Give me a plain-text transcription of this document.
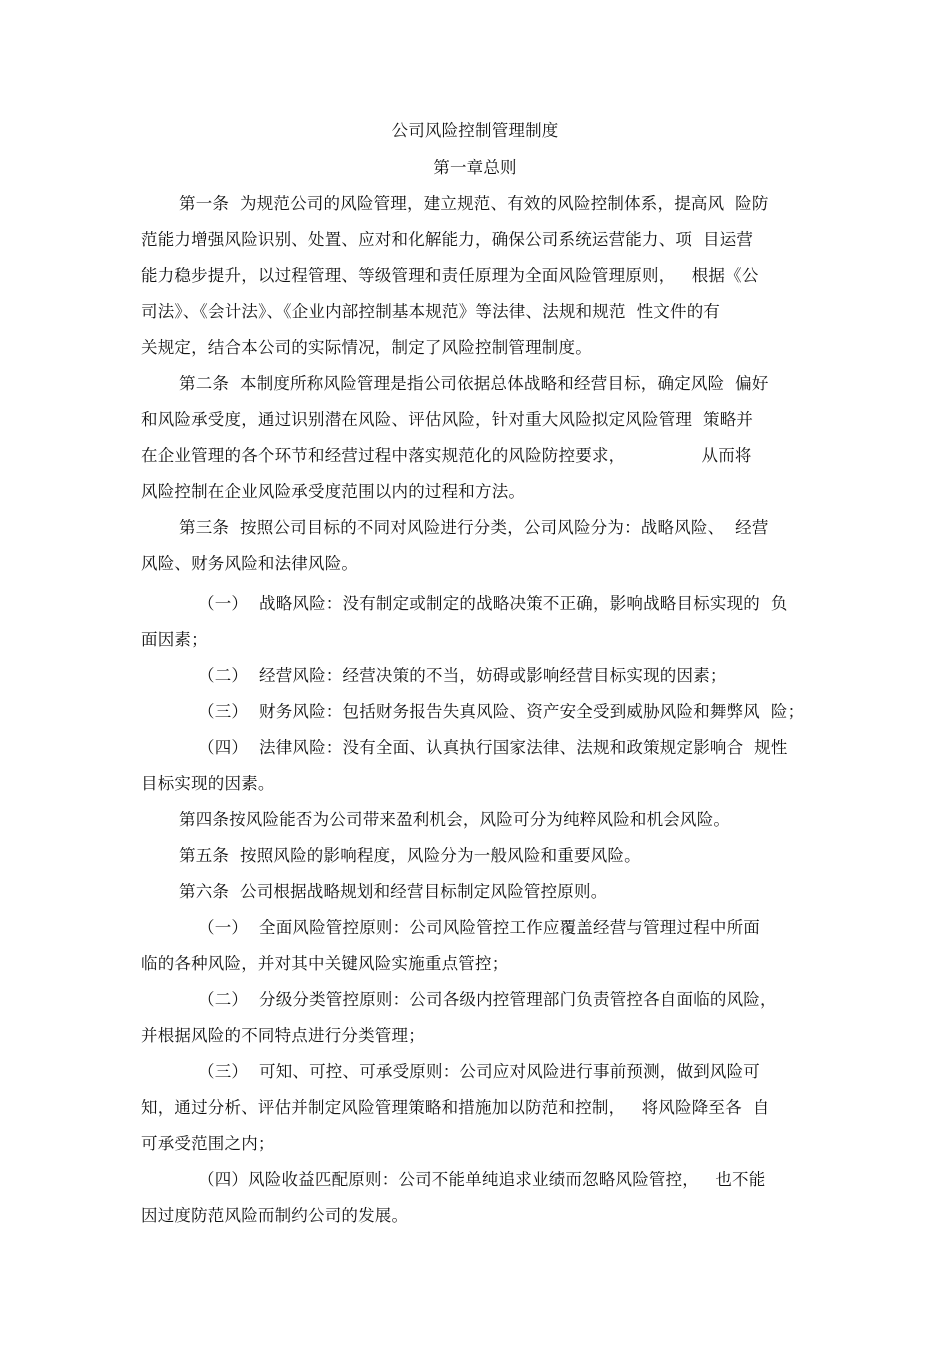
公司风险控制管理制度
第一章总则
第一条  为规范公司的风险管理，建立规范、有效的风险控制体系，提高风  险防
范能力增强风险识别、处置、应对和化解能力，确保公司系统运营能力、项  目运营
能力稳步提升，以过程管理、等级管理和责任原理为全面风险管理原则，   根据《公
司法》、《会计法》、《企业内部控制基本规范》等法律、法规和规范  性文件的有
关规定，结合本公司的实际情况，制定了风险控制管理制度。
第二条  本制度所称风险管理是指公司依据总体战略和经营目标，确定风险  偏好
和风险承受度，通过识别潜在风险、评估风险，针对重大风险拟定风险管理  策略并
在企业管理的各个环节和经营过程中落实规范化的风险防控要求，              从而将
风险控制在企业风险承受度范围以内的过程和方法。
第三条  按照公司目标的不同对风险进行分类，公司风险分为：战略风险、  经营
风险、财务风险和法律风险。
（一）  战略风险：没有制定或制定的战略决策不正确，影响战略目标实现的  负
面因素；
（二）  经营风险：经营决策的不当，妨碍或影响经营目标实现的因素；
（三）  财务风险：包括财务报告失真风险、资产安全受到威胁风险和舞弊风  险；
（四）  法律风险：没有全面、认真执行国家法律、法规和政策规定影响合  规性
目标实现的因素。
第四条按风险能否为公司带来盈利机会，风险可分为纯粹风险和机会风险。
第五条  按照风险的影响程度，风险分为一般风险和重要风险。
第六条  公司根据战略规划和经营目标制定风险管控原则。
（一）  全面风险管控原则：公司风险管控工作应覆盖经营与管理过程中所面
临的各种风险，并对其中关键风险实施重点管控；
（二）  分级分类管控原则：公司各级内控管理部门负责管控各自面临的风险，
并根据风险的不同特点进行分类管理；
（三）  可知、可控、可承受原则：公司应对风险进行事前预测，做到风险可
知，通过分析、评估并制定风险管理策略和措施加以防范和控制，   将风险降至各  自
可承受范围之内；
（四）风险收益匹配原则：公司不能单纯追求业绩而忽略风险管控，   也不能
因过度防范风险而制约公司的发展。
